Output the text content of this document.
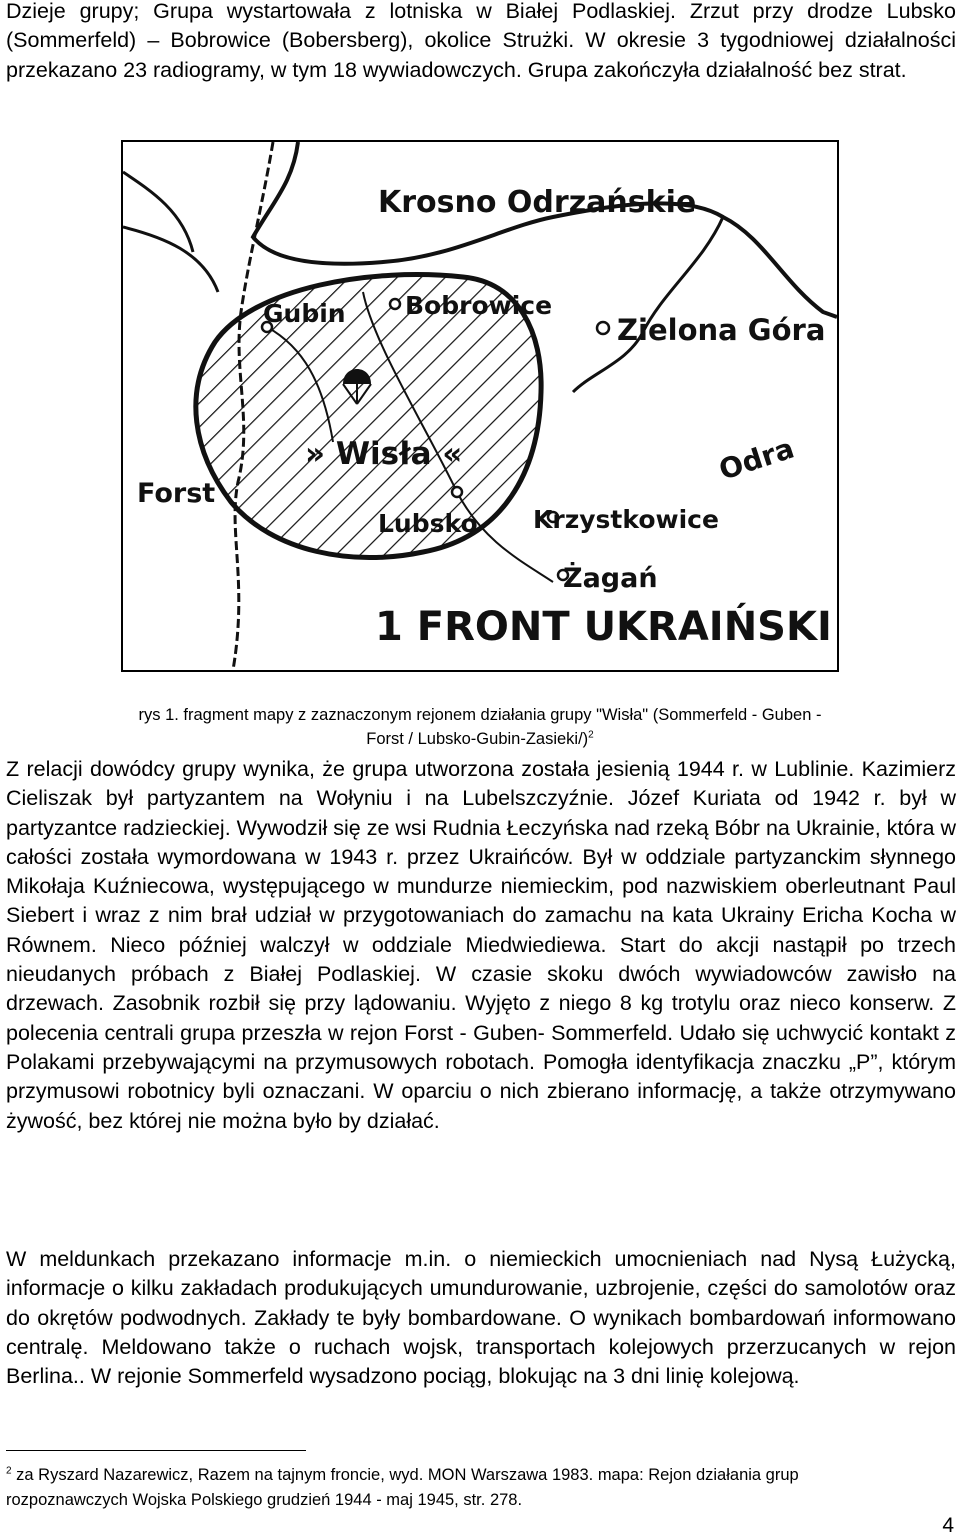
Dzieje grupy; Grupa wystartowała z lotniska w Białej Podlaskiej. Zrzut przy drodze Lubsko (Sommerfeld) – Bobrowice (Bobersberg), okolice Strużki. W okresie 3 tygodniowej działalności przekazano 23 radiogramy, w tym 18 wywiadowczych. Grupa zakończyła działalność bez strat.

Krosno Odrzańskie
Gubin Bobrowice
Zielona Góra
» Wisła «	Odra
Forst
Lubsko Krzystkowice
Żagań
1 FRONT UKRAIŃSKI
rys 1. fragment mapy z zaznaczonym rejonem działania grupy "Wisła" (Sommerfeld - Guben -Forst / Lubsko-Gubin-Zasieki/)$^2$

Z relacji dowódcy grupy wynika, że grupa utworzona została jesienią 1944 r. w Lublinie. Kazimierz Cieliszak był partyzantem na Wołyniu i na Lubelszczyźnie. Józef Kuriata od 1942 r. był w partyzantce radzieckiej. Wywodził się ze wsi Rudnia Łeczyńska nad rzeką Bóbr na Ukrainie, która w całości została wymordowana w 1943 r. przez Ukraińców. Był w oddziale partyzanckim słynnego Mikołaja Kuźniecowa, występującego w mundurze niemieckim, pod nazwiskiem oberleutnant Paul Siebert i wraz z nim brał udział w przygotowaniach do zamachu na kata Ukrainy Ericha Kocha w Równem. Nieco później walczył w oddziale Miedwiediewa. Start do akcji nastąpił po trzech nieudanych próbach z Białej Podlaskiej. W czasie skoku dwóch wywiadowców zawisło na drzewach. Zasobnik rozbił się przy lądowaniu. Wyjęto z niego 8 kg trotylu oraz nieco konserw. Z polecenia centrali grupa przeszła w rejon Forst - Guben- Sommerfeld. Udało się uchwycić kontakt z Polakami przebywającymi na przymusowych robotach. Pomogła identyfikacja znaczku „P”, którym przymusowi robotnicy byli oznaczani. W oparciu o nich zbierano informację, a także otrzymywano żywość, bez której nie można było by działać.

W meldunkach przekazano informacje m.in. o niemieckich umocnieniach nad Nysą Łużycką, informacje o kilku zakładach produkujących umundurowanie, uzbrojenie, części do samolotów oraz do okrętów podwodnych. Zakłady te były bombardowane. O wynikach bombardowań informowano centralę. Meldowano także o ruchach wojsk, transportach kolejowych przerzucanych w rejon Berlina.. W rejonie Sommerfeld wysadzono pociąg, blokując na 3 dni linię kolejową.

$^2$ za Ryszard Nazarewicz, Razem na tajnym froncie, wyd. MON Warszawa 1983. mapa: Rejon działania grup rozpoznawczych Wojska Polskiego grudzień 1944 - maj 1945, str. 278.
4
